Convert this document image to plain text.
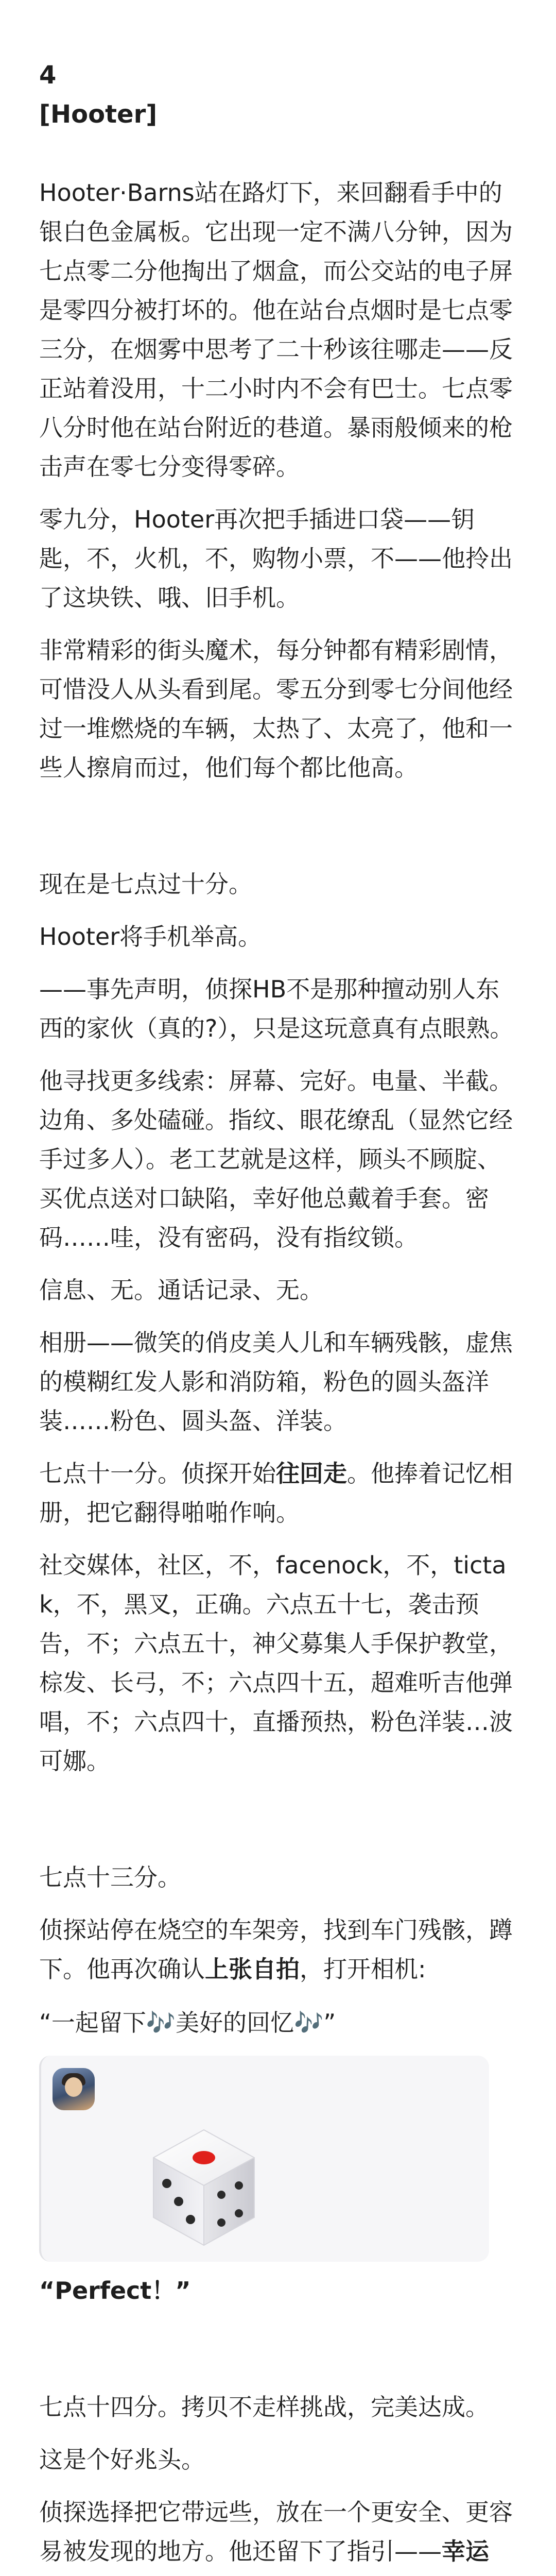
4
[Hooter]

Hooter·Barns站在路灯下，来回翻看手中的银白色金属板。它出现一定不满八分钟，因为七点零二分他掏出了烟盒，而公交站的电子屏是零四分被打坏的。他在站台点烟时是七点零三分，在烟雾中思考了二十秒该往哪走——反正站着没用，十二小时内不会有巴士。七点零八分时他在站台附近的巷道。暴雨般倾来的枪击声在零七分变得零碎。

零九分，Hooter再次把手插进口袋——钥匙，不，火机，不，购物小票，不——他拎出了这块铁、哦、旧手机。

非常精彩的街头魔术，每分钟都有精彩剧情，可惜没人从头看到尾。零五分到零七分间他经过一堆燃烧的车辆，太热了、太亮了，他和一些人擦肩而过，他们每个都比他高。

现在是七点过十分。

Hooter将手机举高。

——事先声明，侦探HB不是那种擅动别人东西的家伙（真的?），只是这玩意真有点眼熟。

他寻找更多线索：屏幕、完好。电量、半截。边角、多处磕碰。指纹、眼花缭乱（显然它经手过多人）。老工艺就是这样，顾头不顾腚、买优点送对口缺陷，幸好他总戴着手套。密码……哇，没有密码，没有指纹锁。

信息、无。通话记录、无。

相册——微笑的俏皮美人儿和车辆残骸，虚焦的模糊红发人影和消防箱，粉色的圆头盔洋装……粉色、圆头盔、洋装。

七点十一分。侦探开始往回走。他捧着记忆相册，把它翻得啪啪作响。

社交媒体，社区，不，facenock，不，tictak，不，黑叉，正确。六点五十七，袭击预告，不；六点五十，神父募集人手保护教堂，棕发、长弓，不；六点四十五，超难听吉他弹唱，不；六点四十，直播预热，粉色洋装…波可娜。

七点十三分。

侦探站停在烧空的车架旁，找到车门残骸，蹲下。他再次确认上张自拍，打开相机:

“一起留下🎶美好的回忆🎶”

“Perfect！”

七点十四分。拷贝不走样挑战，完美达成。

这是个好兆头。

侦探选择把它带远些，放在一个更安全、更容易被发现的地方。他还留下了指引——幸运
